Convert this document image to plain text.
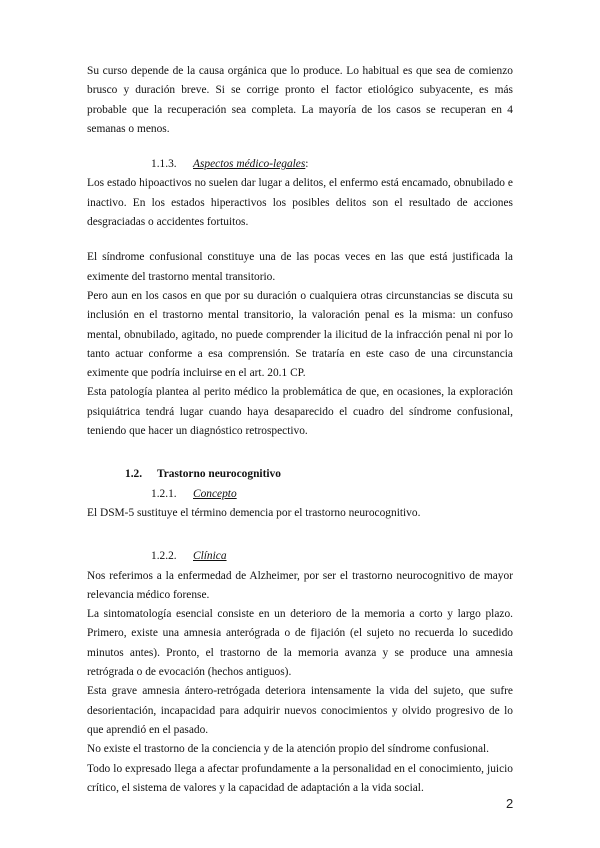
Su curso depende de la causa orgánica que lo produce. Lo habitual es que sea de comienzo brusco y duración breve. Si se corrige pronto el factor etiológico subyacente, es más probable que la recuperación sea completa. La mayoría de los casos se recuperan en 4 semanas o menos.

1.1.3. Aspectos médico-legales:

Los estado hipoactivos no suelen dar lugar a delitos, el enfermo está encamado, obnubilado e inactivo. En los estados hiperactivos los posibles delitos son el resultado de acciones desgraciadas o accidentes fortuitos.

El síndrome confusional constituye una de las pocas veces en las que está justificada la eximente del trastorno mental transitorio.

Pero aun en los casos en que por su duración o cualquiera otras circunstancias se discuta su inclusión en el trastorno mental transitorio, la valoración penal es la misma: un confuso mental, obnubilado, agitado, no puede comprender la ilicitud de la infracción penal ni por lo tanto actuar conforme a esa comprensión. Se trataría en este caso de una circunstancia eximente que podría incluirse en el art. 20.1 CP.

Esta patología plantea al perito médico la problemática de que, en ocasiones, la exploración psiquiátrica tendrá lugar cuando haya desaparecido el cuadro del síndrome confusional, teniendo que hacer un diagnóstico retrospectivo.

1.2. Trastorno neurocognitivo
1.2.1. Concepto

El DSM-5 sustituye el término demencia por el trastorno neurocognitivo.

1.2.2. Clínica

Nos referimos a la enfermedad de Alzheimer, por ser el trastorno neurocognitivo de mayor relevancia médico forense.

La sintomatología esencial consiste en un deterioro de la memoria a corto y largo plazo. Primero, existe una amnesia anterógrada o de fijación (el sujeto no recuerda lo sucedido minutos antes). Pronto, el trastorno de la memoria avanza y se produce una amnesia retrógrada o de evocación (hechos antiguos).

Esta grave amnesia ántero-retrógada deteriora intensamente la vida del sujeto, que sufre desorientación, incapacidad para adquirir nuevos conocimientos y olvido progresivo de lo que aprendió en el pasado.

No existe el trastorno de la conciencia y de la atención propio del síndrome confusional.

Todo lo expresado llega a afectar profundamente a la personalidad en el conocimiento, juicio crítico, el sistema de valores y la capacidad de adaptación a la vida social.

2
